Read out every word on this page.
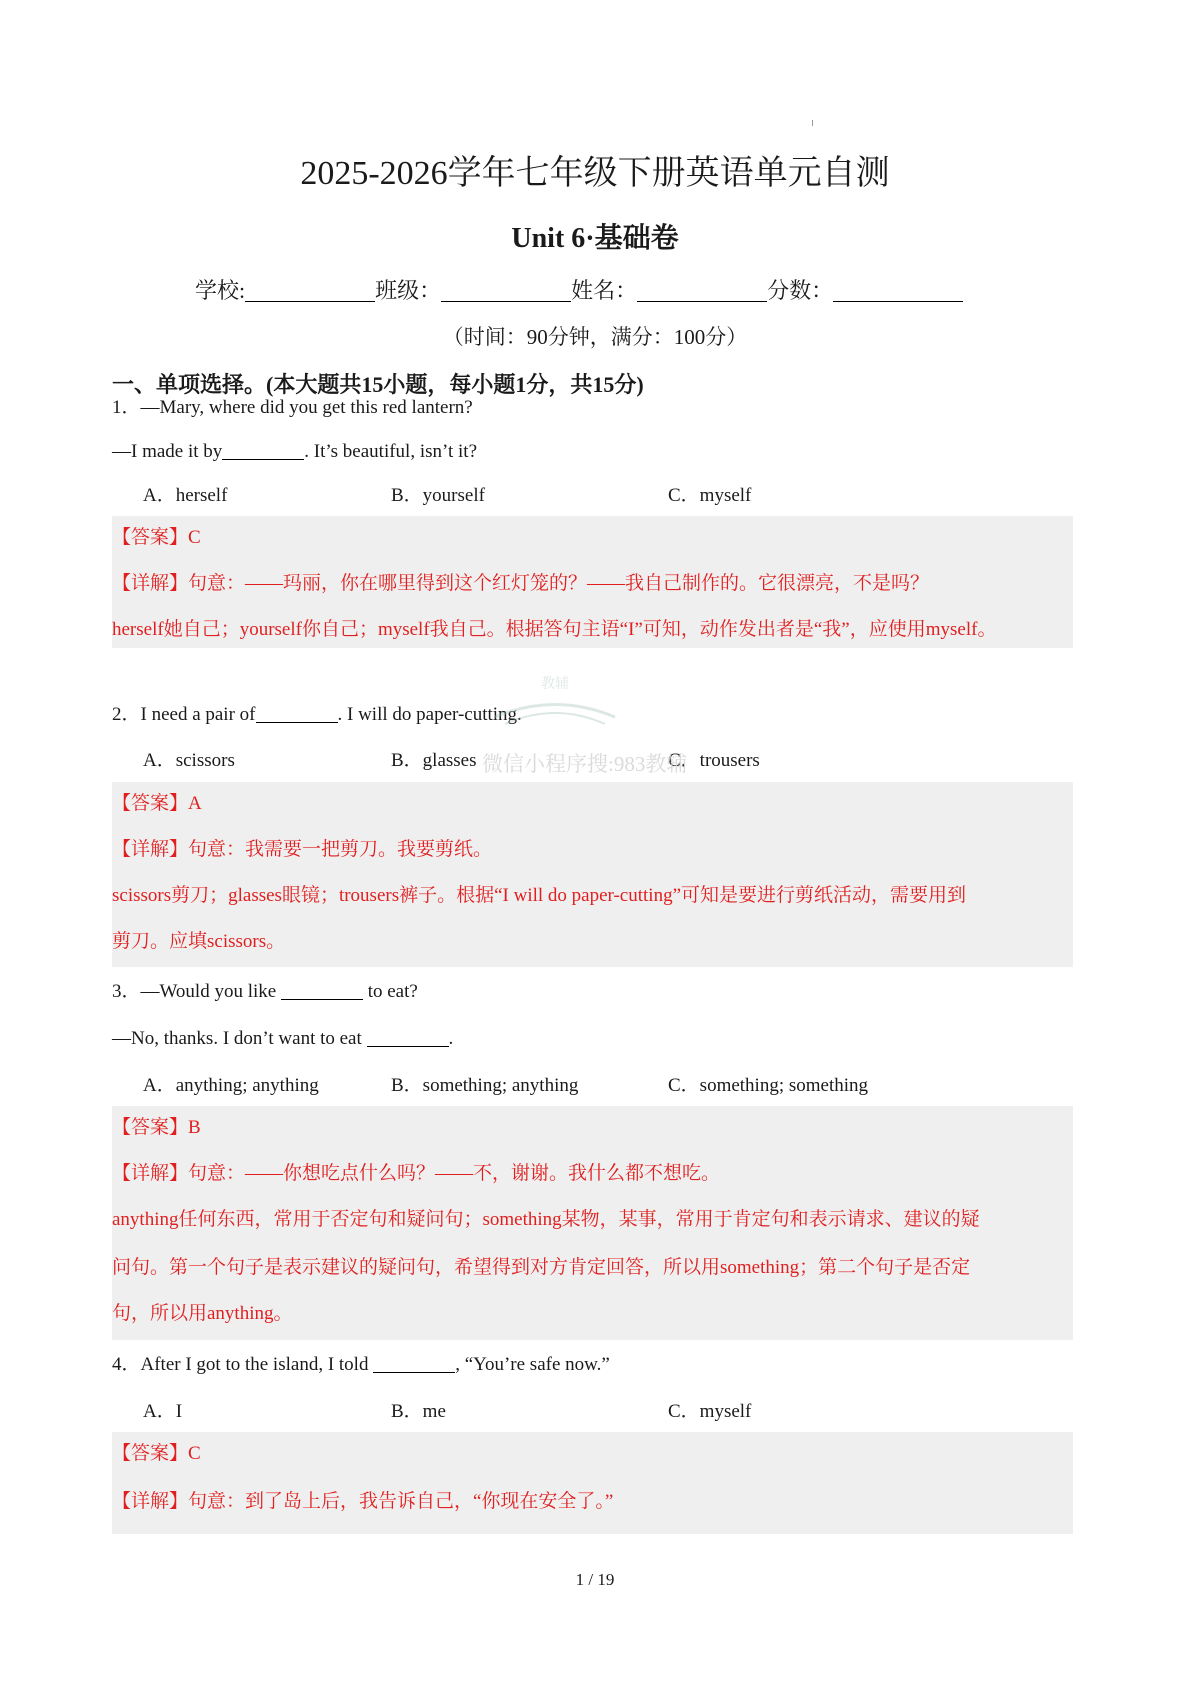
2025-2026学年七年级下册英语单元自测
Unit 6·基础卷
学校:	班级：	姓名：	分数：
（时间：90分钟，满分：100分）
一、单项选择。(本大题共15小题，每小题1分，共15分)
1．—Mary, where did you get this red lantern?
—I made it by	. It’s beautiful, isn’t it?
A．herself	B．yourself	C．myself
【答案】C
【详解】句意：——玛丽，你在哪里得到这个红灯笼的？——我自己制作的。它很漂亮，不是吗？
herself她自己；yourself你自己；myself我自己。根据答句主语“I”可知，动作发出者是“我”，应使用myself。
2．I need a pair of	. I will do paper-cutting.
A．scissors	B．glasses	C．trousers
【答案】A
【详解】句意：我需要一把剪刀。我要剪纸。
scissors剪刀；glasses眼镜；trousers裤子。根据“I will do paper-cutting”可知是要进行剪纸活动，需要用到
剪刀。应填scissors。
3．—Would you like	to eat?
—No, thanks. I don’t want to eat	.
A．anything; anything	B．something; anything	C．something; something
【答案】B
【详解】句意：——你想吃点什么吗？——不，谢谢。我什么都不想吃。
anything任何东西，常用于否定句和疑问句；something某物，某事，常用于肯定句和表示请求、建议的疑
问句。第一个句子是表示建议的疑问句，希望得到对方肯定回答，所以用something；第二个句子是否定
句，所以用anything。
4．After I got to the island, I told	, “You’re safe now.”
A．I	B．me	C．myself
【答案】C
【详解】句意：到了岛上后，我告诉自己，“你现在安全了。”
教辅
微信小程序搜:983教辅
1 / 19
